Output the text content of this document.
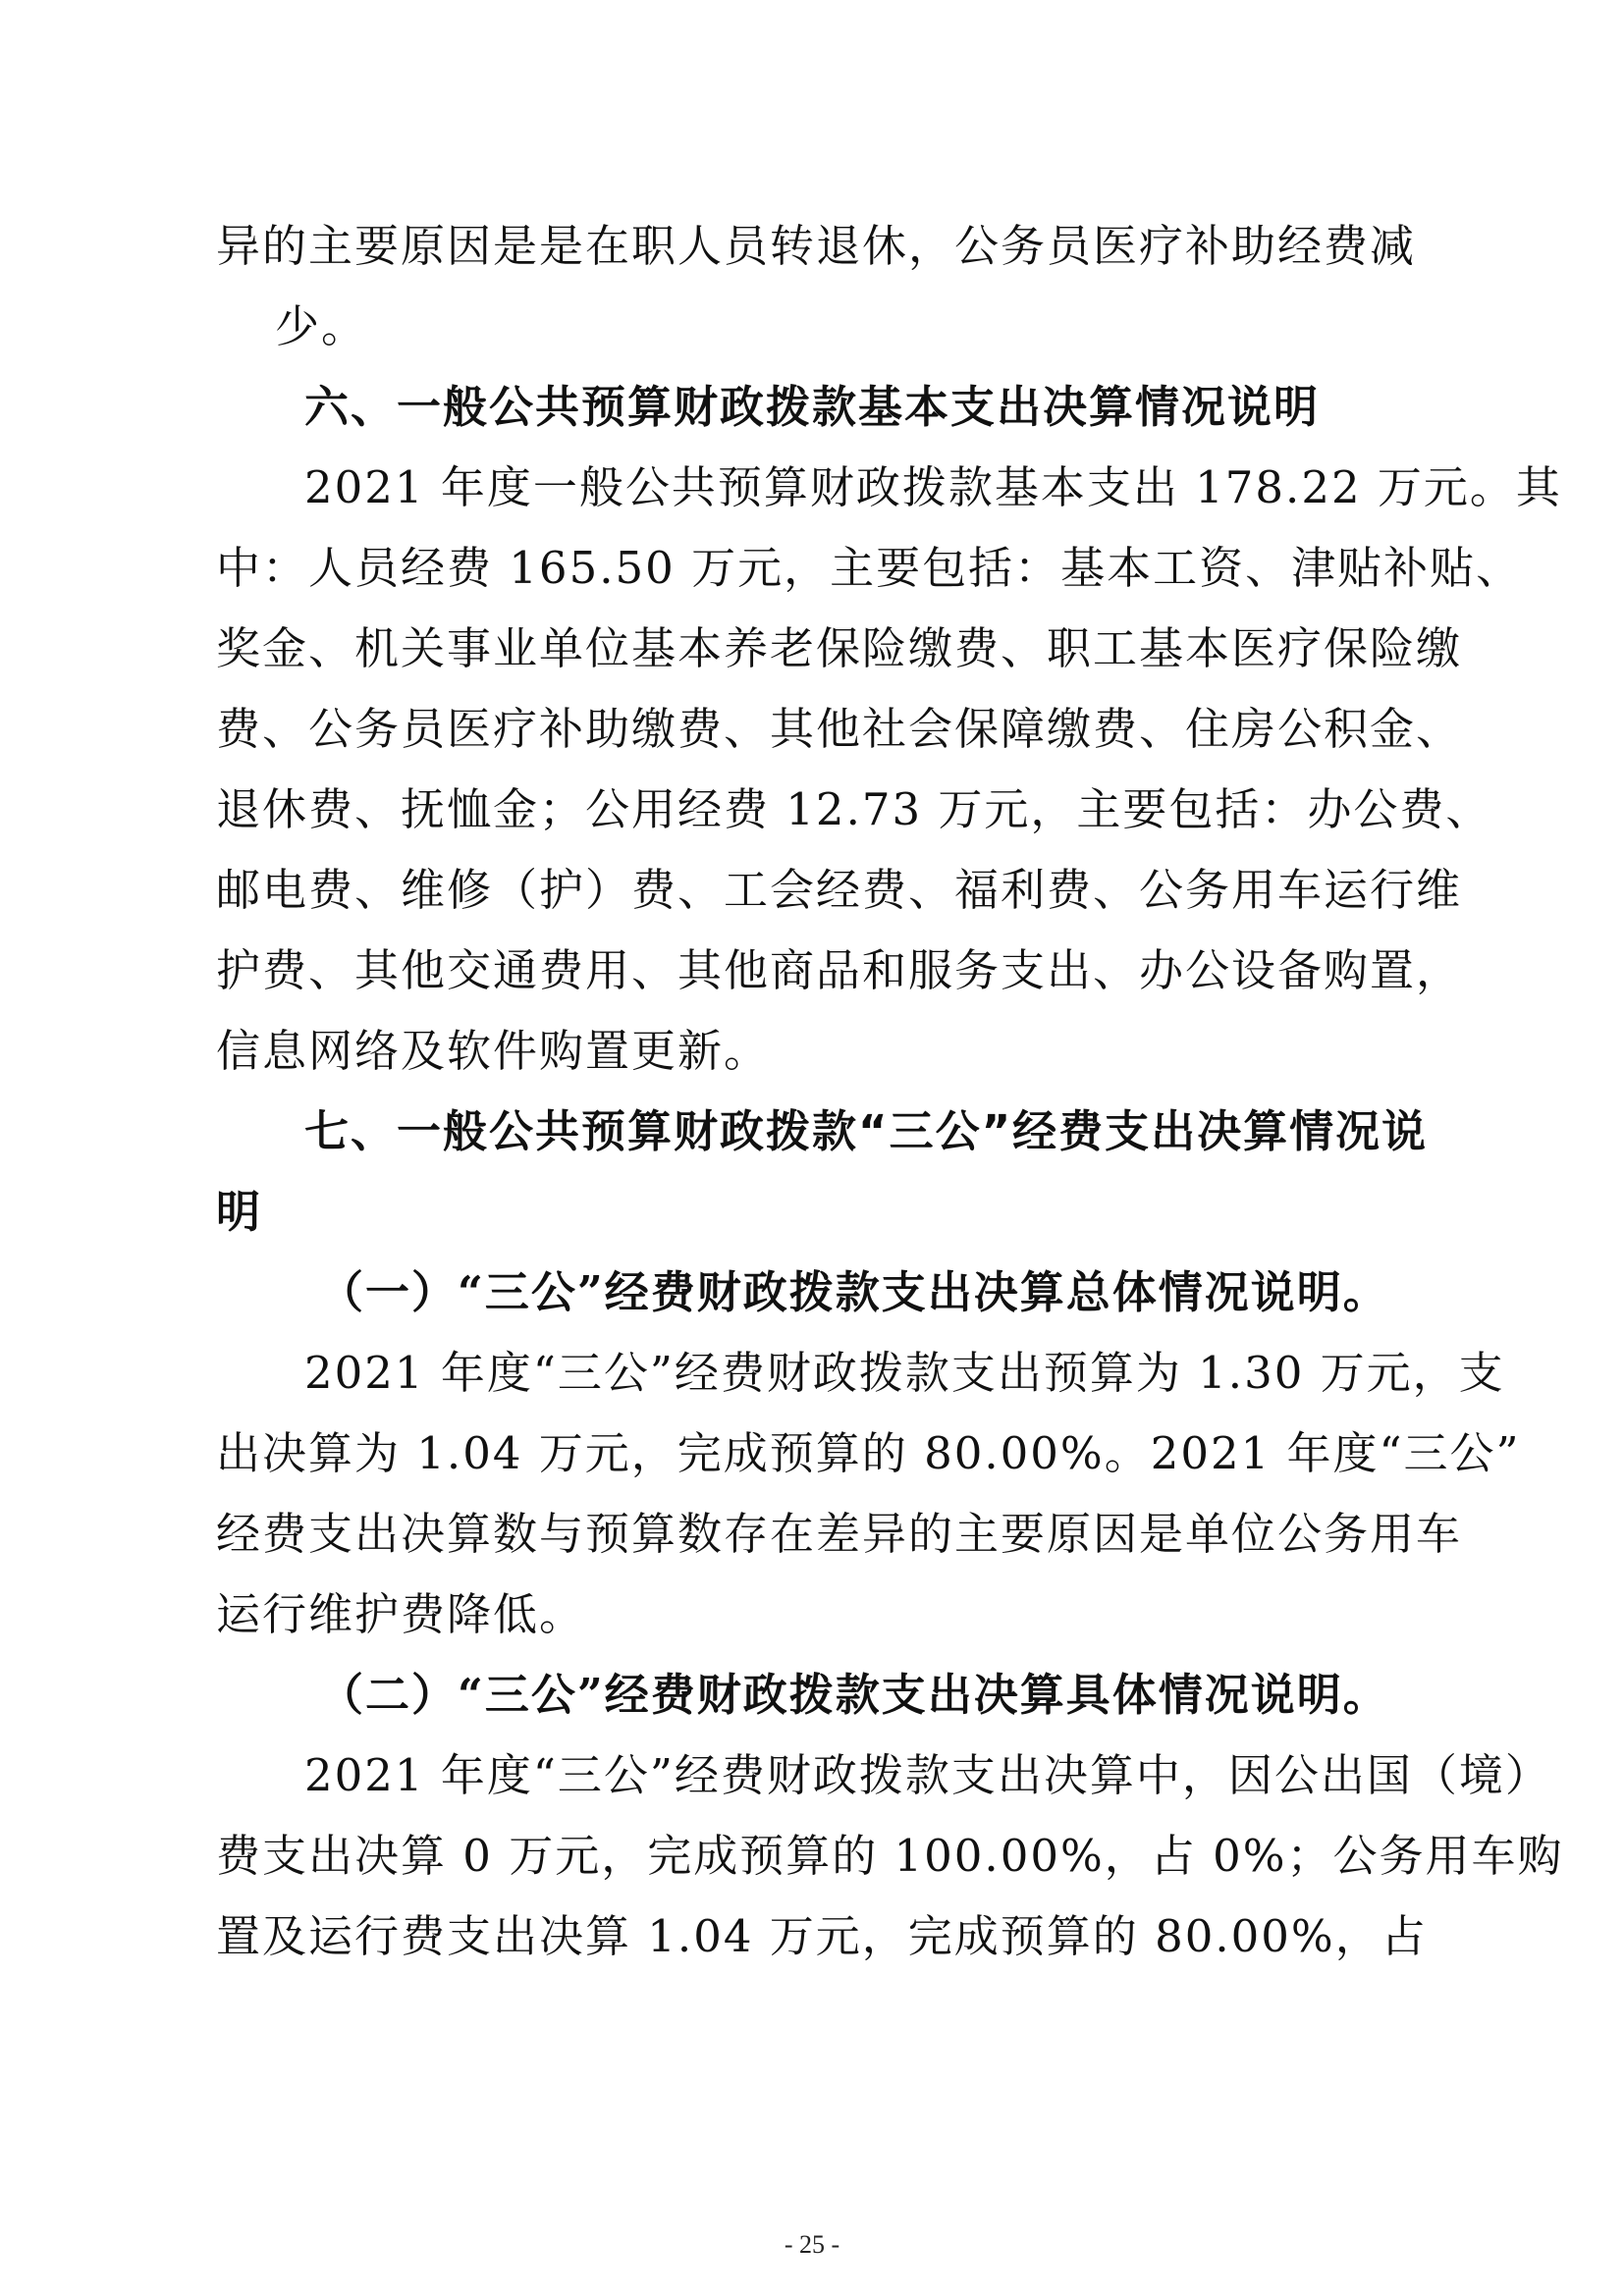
异的主要原因是是在职人员转退休，公务员医疗补助经费减
少。
六、一般公共预算财政拨款基本支出决算情况说明
2021 年度一般公共预算财政拨款基本支出 178.22 万元。其
中：人员经费 165.50 万元，主要包括：基本工资、津贴补贴、
奖金、机关事业单位基本养老保险缴费、职工基本医疗保险缴
费、公务员医疗补助缴费、其他社会保障缴费、住房公积金、
退休费、抚恤金；公用经费 12.73 万元，主要包括：办公费、
邮电费、维修（护）费、工会经费、福利费、公务用车运行维
护费、其他交通费用、其他商品和服务支出、办公设备购置，
信息网络及软件购置更新。
七、一般公共预算财政拨款“三公”经费支出决算情况说
明
（一）“三公”经费财政拨款支出决算总体情况说明。
2021 年度“三公”经费财政拨款支出预算为 1.30 万元，支
出决算为 1.04 万元，完成预算的 80.00%。2021 年度“三公”
经费支出决算数与预算数存在差异的主要原因是单位公务用车
运行维护费降低。
（二）“三公”经费财政拨款支出决算具体情况说明。
2021 年度“三公”经费财政拨款支出决算中，因公出国（境）
费支出决算 0 万元，完成预算的 100.00%，占 0%；公务用车购
置及运行费支出决算 1.04 万元，完成预算的 80.00%，占
- 25 -
